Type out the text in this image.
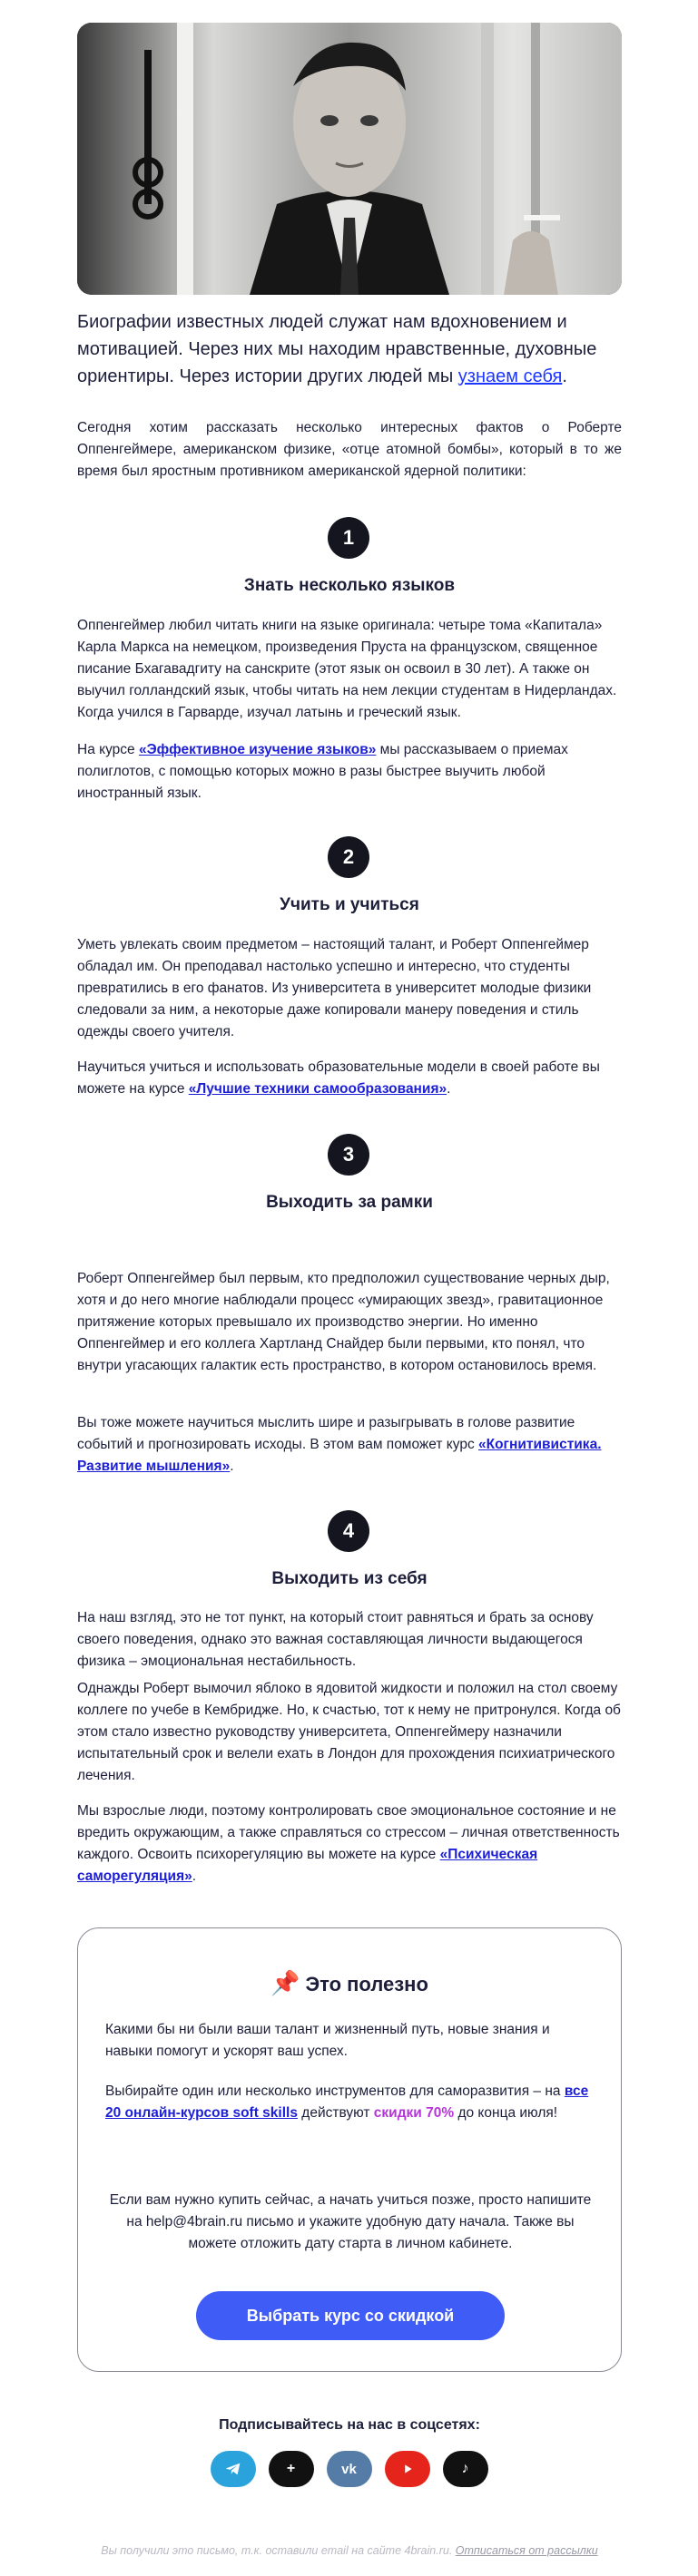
Биографии известных людей служат нам вдохновением и мотивацией. Через них мы находим нравственные, духовные ориентиры. Через истории других людей мы узнаем себя.
Сегодня хотим рассказать несколько интересных фактов о Роберте Оппенгеймере, американском физике, «отце атомной бомбы», который в то же время был яростным противником американской ядерной политики:
1
Знать несколько языков
Оппенгеймер любил читать книги на языке оригинала: четыре тома «Капитала» Карла Маркса на немецком, произведения Пруста на французском, священное писание Бхагавадгиту на санскрите (этот язык он освоил в 30 лет). А также он выучил голландский язык, чтобы читать на нем лекции студентам в Нидерландах. Когда учился в Гарварде, изучал латынь и греческий язык.
На курсе «Эффективное изучение языков» мы рассказываем о приемах полиглотов, с помощью которых можно в разы быстрее выучить любой иностранный язык.
2
Учить и учиться
Уметь увлекать своим предметом – настоящий талант, и Роберт Оппенгеймер обладал им. Он преподавал настолько успешно и интересно, что студенты превратились в его фанатов. Из университета в университет молодые физики следовали за ним, а некоторые даже копировали манеру поведения и стиль одежды своего учителя.
Научиться учиться и использовать образовательные модели в своей работе вы можете на курсе «Лучшие техники самообразования».
3
Выходить за рамки
Роберт Оппенгеймер был первым, кто предположил существование черных дыр, хотя и до него многие наблюдали процесс «умирающих звезд», гравитационное притяжение которых превышало их производство энергии. Но именно Оппенгеймер и его коллега Хартланд Снайдер были первыми, кто понял, что внутри угасающих галактик есть пространство, в котором остановилось время.
Вы тоже можете научиться мыслить шире и разыгрывать в голове развитие событий и прогнозировать исходы. В этом вам поможет курс «Когнитивистика. Развитие мышления».
4
Выходить из себя
На наш взгляд, это не тот пункт, на который стоит равняться и брать за основу своего поведения, однако это важная составляющая личности выдающегося физика – эмоциональная нестабильность.
Однажды Роберт вымочил яблоко в ядовитой жидкости и положил на стол своему коллеге по учебе в Кембридже. Но, к счастью, тот к нему не притронулся. Когда об этом стало известно руководству университета, Оппенгеймеру назначили испытательный срок и велели ехать в Лондон для прохождения психиатрического лечения.
Мы взрослые люди, поэтому контролировать свое эмоциональное состояние и не вредить окружающим, а также справляться со стрессом – личная ответственность каждого. Освоить психорегуляцию вы можете на курсе «Психическая саморегуляция».
📌 Это полезно
Какими бы ни были ваши талант и жизненный путь, новые знания и навыки помогут и ускорят ваш успех.
Выбирайте один или несколько инструментов для саморазвития – на все 20 онлайн-курсов soft skills действуют скидки 70% до конца июля!
Если вам нужно купить сейчас, а начать учиться позже, просто напишите на help@4brain.ru письмо и укажите удобную дату начала. Также вы можете отложить дату старта в личном кабинете.
Выбрать курс со скидкой
Подписывайтесь на нас в соцсетях:
+	vk	♪
Вы получили это письмо, т.к. оставили email на сайте 4brain.ru. Отписаться от рассылки
